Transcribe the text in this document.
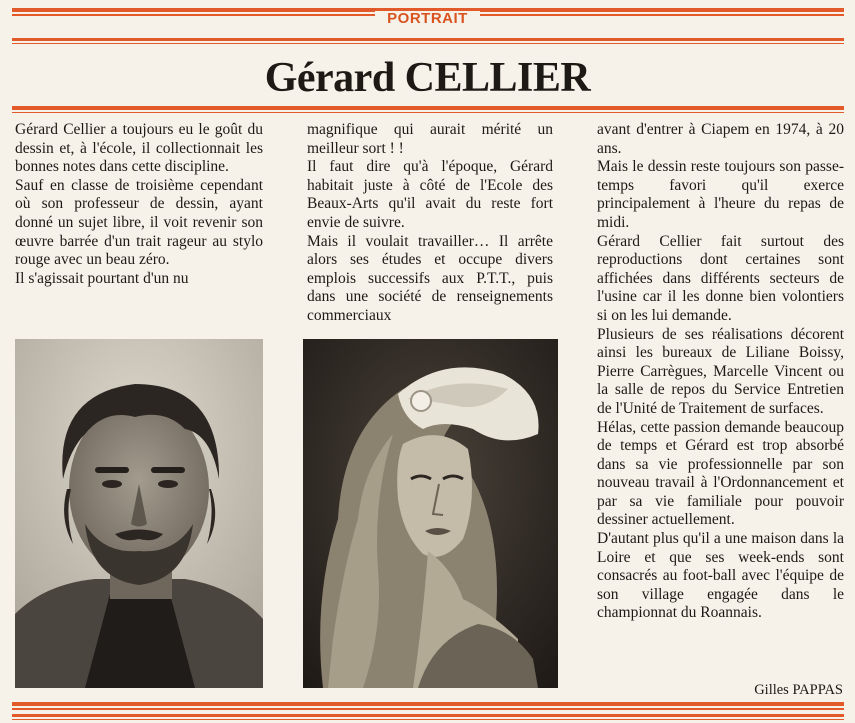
PORTRAIT
Gérard CELLIER

Gérard Cellier a toujours eu le goût du dessin et, à l'école, il collectionnait les bonnes notes dans cette discipline.

Sauf en classe de troisième cependant où son professeur de dessin, ayant donné un sujet libre, il voit revenir son œuvre barrée d'un trait rageur au stylo rouge avec un beau zéro.

Il s'agissait pourtant d'un nu

magnifique qui aurait mérité un meilleur sort ! !

Il faut dire qu'à l'époque, Gérard habitait juste à côté de l'Ecole des Beaux-Arts qu'il avait du reste fort envie de suivre.

Mais il voulait travailler… Il arrête alors ses études et occupe divers emplois successifs aux P.T.T., puis dans une société de renseignements commerciaux

avant d'entrer à Ciapem en 1974, à 20 ans.

Mais le dessin reste toujours son passe-temps favori qu'il exerce principalement à l'heure du repas de midi.

Gérard Cellier fait surtout des reproductions dont certaines sont affichées dans différents secteurs de l'usine car il les donne bien volontiers si on les lui demande.

Plusieurs de ses réalisations décorent ainsi les bureaux de Liliane Boissy, Pierre Carrègues, Marcelle Vincent ou la salle de repos du Service Entretien de l'Unité de Traitement de surfaces.

Hélas, cette passion demande beaucoup de temps et Gérard est trop absorbé dans sa vie professionnelle par son nouveau travail à l'Ordonnancement et par sa vie familiale pour pouvoir dessiner actuellement.

D'autant plus qu'il a une maison dans la Loire et que ses week-ends sont consacrés au foot-ball avec l'équipe de son village engagée dans le championnat du Roannais.

Gilles PAPPAS
